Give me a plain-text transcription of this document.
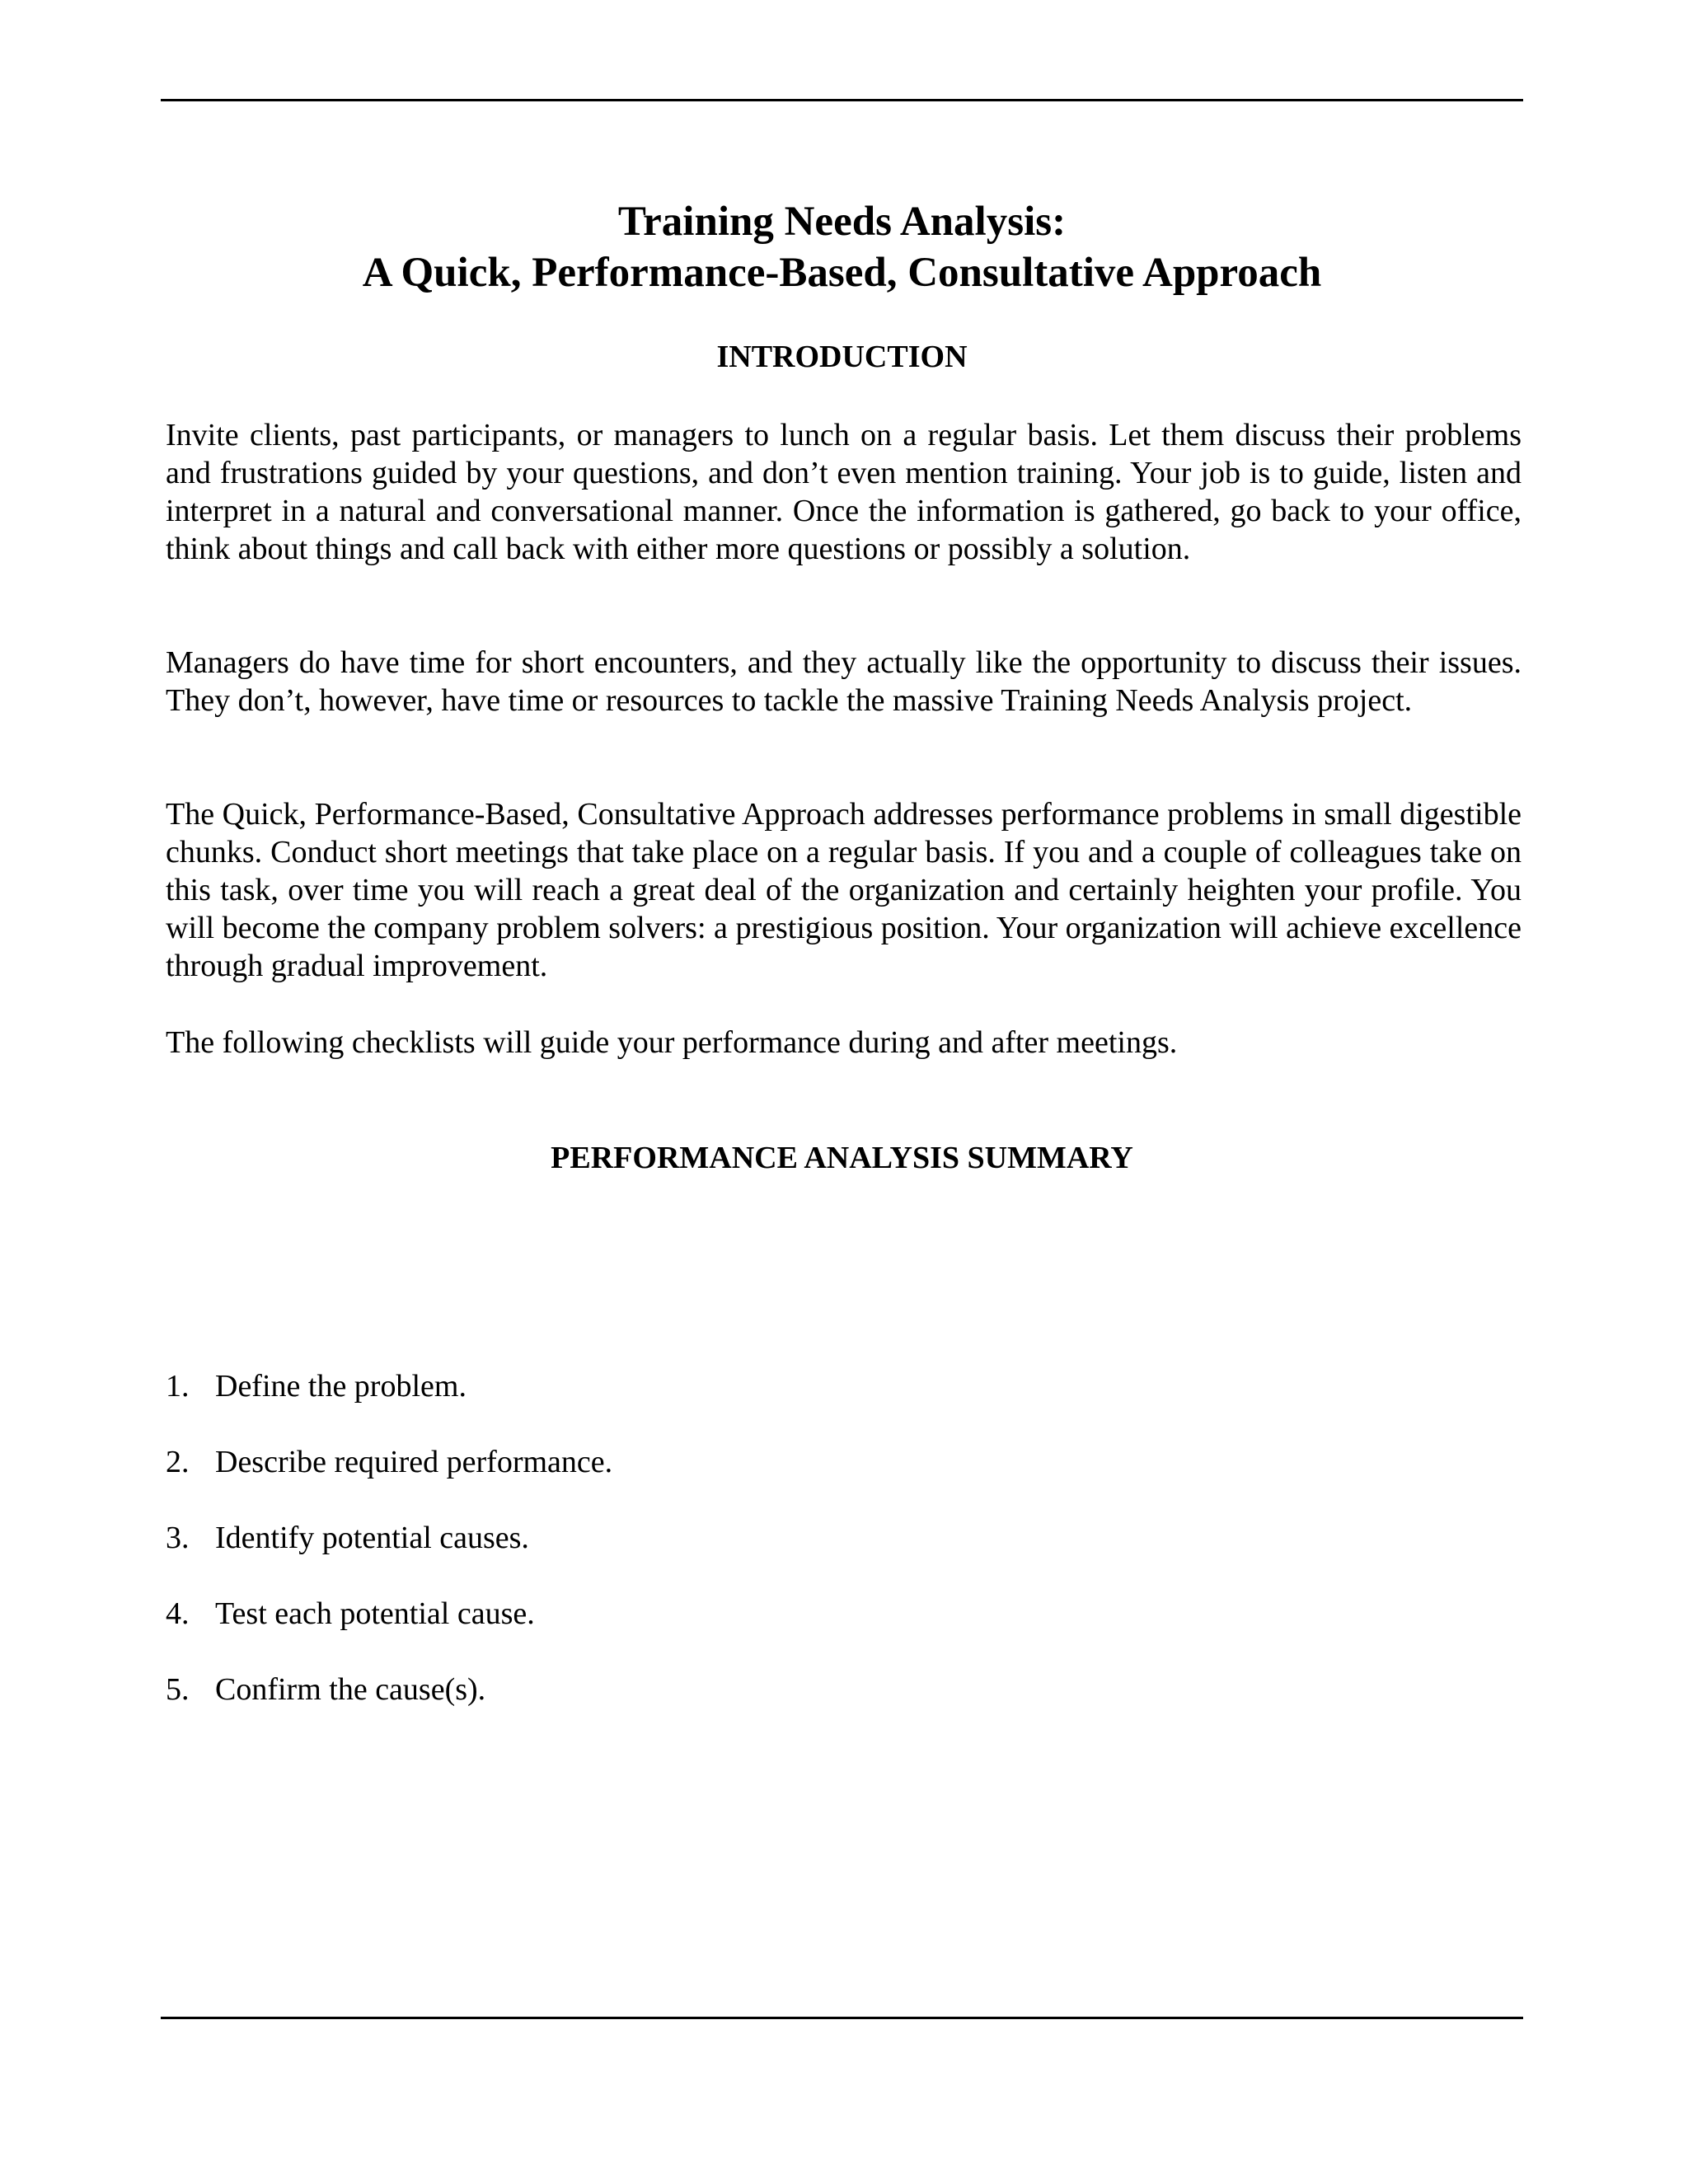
Training Needs Analysis:
A Quick, Performance-Based, Consultative Approach
INTRODUCTION

Invite clients, past participants, or managers to lunch on a regular basis. Let them discuss their problems and frustrations guided by your questions, and don’t even mention training. Your job is to guide, listen and interpret in a natural and conversational manner. Once the information is gathered, go back to your office, think about things and call back with either more questions or possibly a solution.

Managers do have time for short encounters, and they actually like the opportunity to discuss their issues. They don’t, however, have time or resources to tackle the massive Training Needs Analysis project.

The Quick, Performance-Based, Consultative Approach addresses performance problems in small digestible chunks. Conduct short meetings that take place on a regular basis. If you and a couple of colleagues take on this task, over time you will reach a great deal of the organization and certainly heighten your profile. You will become the company problem solvers: a prestigious position. Your organization will achieve excellence through gradual improvement.

The following checklists will guide your performance during and after meetings.

PERFORMANCE ANALYSIS SUMMARY
1. Define the problem.
2. Describe required performance.
3. Identify potential causes.
4. Test each potential cause.
5. Confirm the cause(s).
